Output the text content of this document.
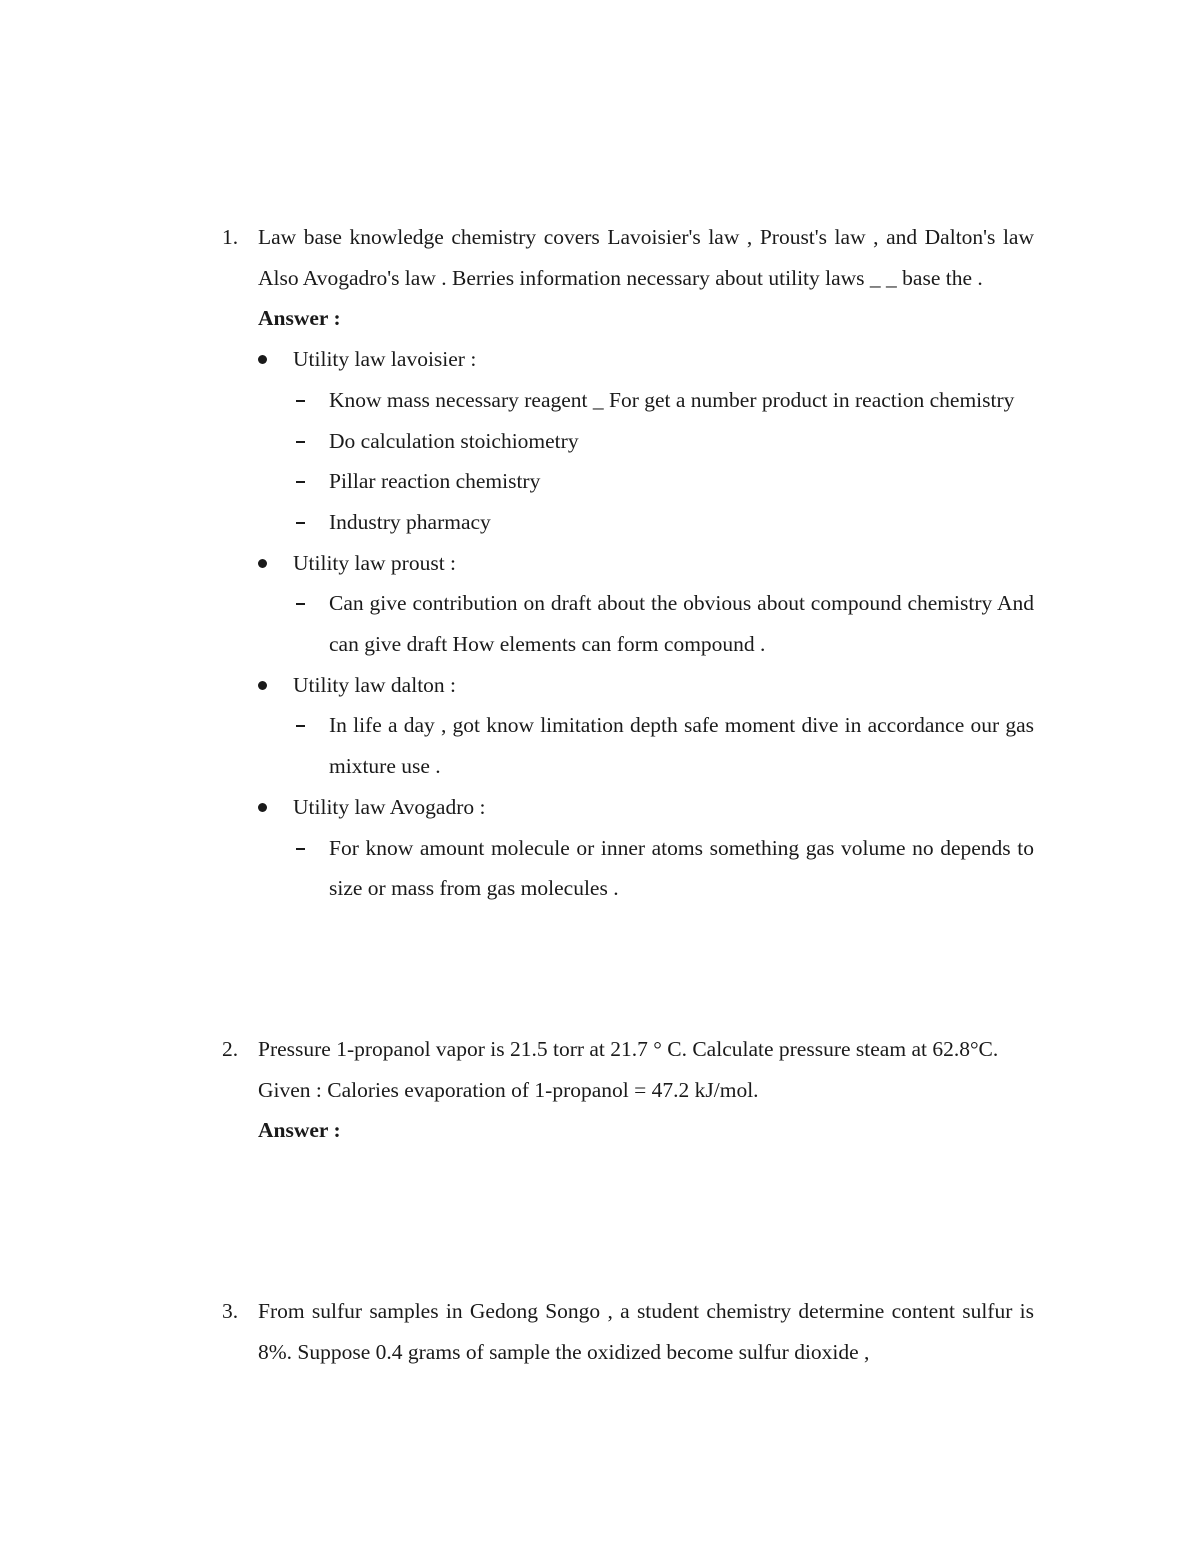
1. Law base knowledge chemistry covers Lavoisier's law , Proust's law , and Dalton's law Also Avogadro's law . Berries information necessary about utility laws _ _ base the .

Answer :

Utility law lavoisier :
Know mass necessary reagent _ For get a number product in reaction chemistry
Do calculation stoichiometry
Pillar reaction chemistry
Industry pharmacy
Utility law proust :
Can give contribution on draft about the obvious about compound chemistry And can give draft How elements can form compound .
Utility law dalton :
In life a day , got know limitation depth safe moment dive in accordance our gas mixture use .
Utility law Avogadro :
For know amount molecule or inner atoms something gas volume no depends to size or mass from gas molecules .
2. Pressure 1-propanol vapor is 21.5 torr at 21.7 ° C. Calculate pressure steam at 62.8°C.

Given : Calories evaporation of 1-propanol = 47.2 kJ/mol.

Answer :

3. From sulfur samples in Gedong Songo , a student chemistry determine content sulfur is 8%. Suppose 0.4 grams of sample the oxidized become sulfur dioxide ,
